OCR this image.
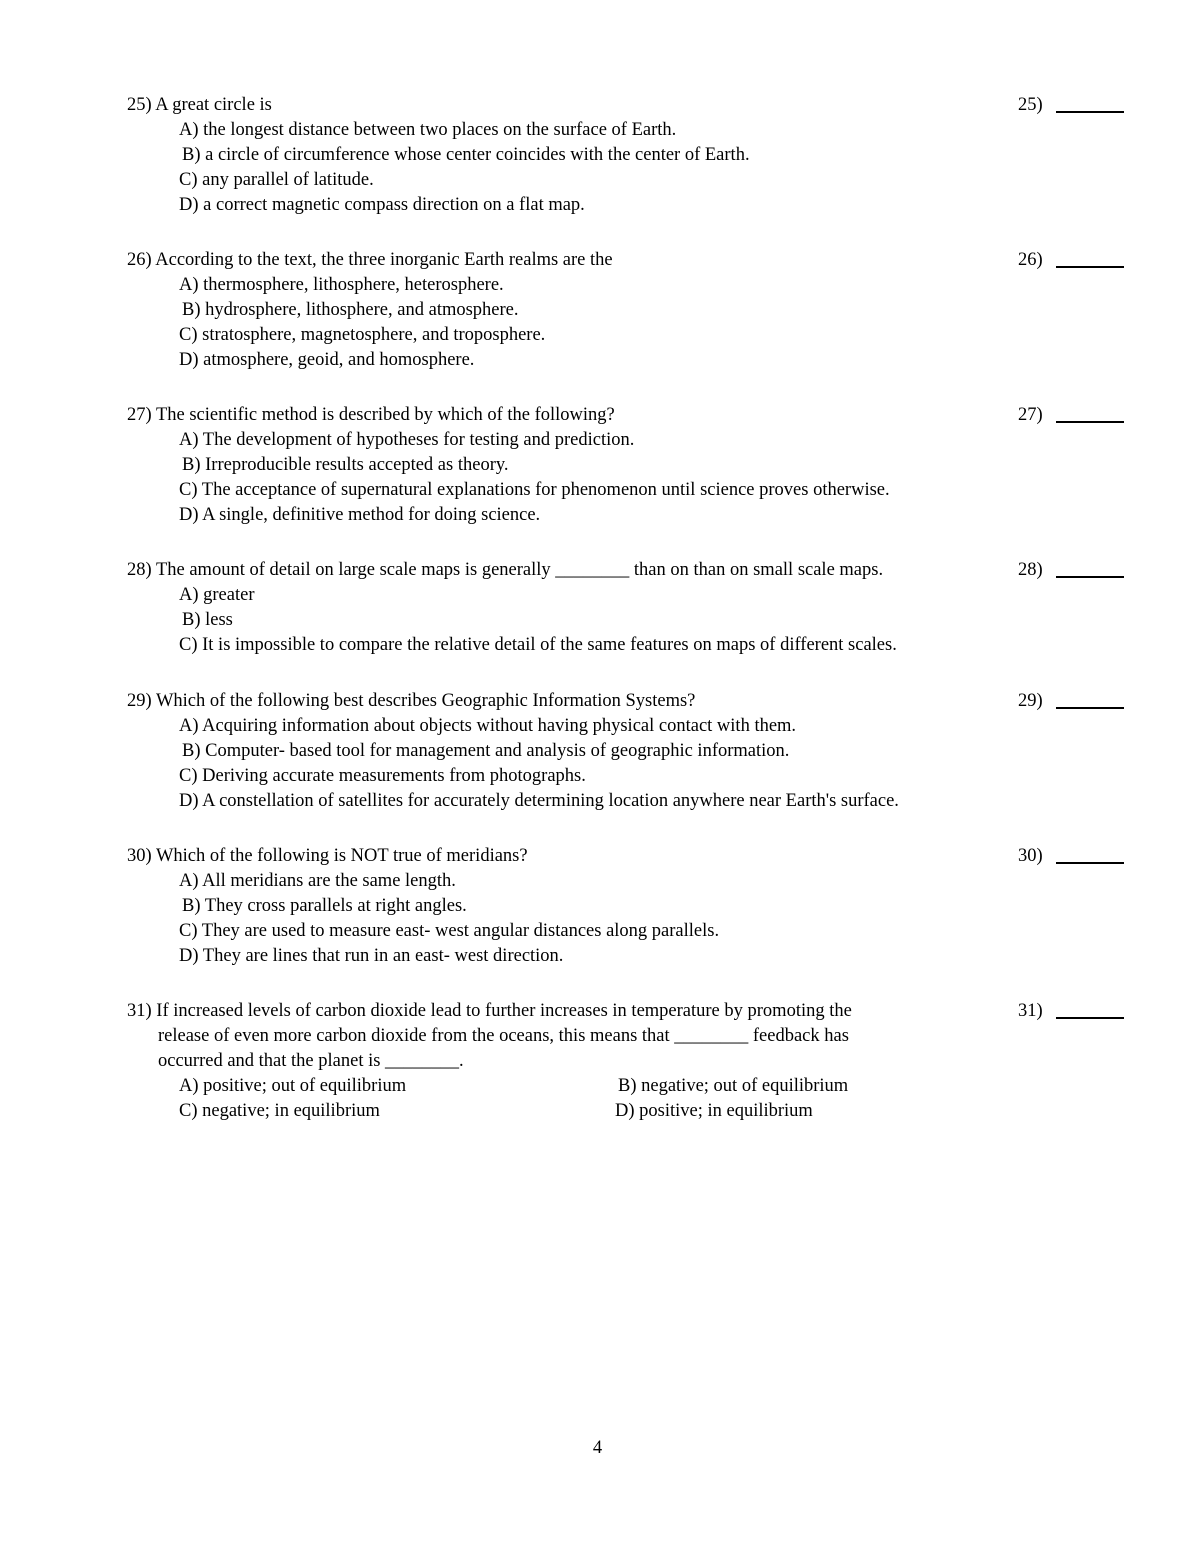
25) A great circle is	25)
A) the longest distance between two places on the surface of Earth.
B) a circle of circumference whose center coincides with the center of Earth.
C) any parallel of latitude.
D) a correct magnetic compass direction on a flat map.
26) According to the text, the three inorganic Earth realms are the	26)
A) thermosphere, lithosphere, heterosphere.
B) hydrosphere, lithosphere, and atmosphere.
C) stratosphere, magnetosphere, and troposphere.
D) atmosphere, geoid, and homosphere.
27) The scientific method is described by which of the following?	27)
A) The development of hypotheses for testing and prediction.
B) Irreproducible results accepted as theory.
C) The acceptance of supernatural explanations for phenomenon until science proves otherwise.
D) A single, definitive method for doing science.
28) The amount of detail on large scale maps is generally ________ than on than on small scale maps.	28)
A) greater
B) less
C) It is impossible to compare the relative detail of the same features on maps of different scales.
29) Which of the following best describes Geographic Information Systems?	29)
A) Acquiring information about objects without having physical contact with them.
B) Computer- based tool for management and analysis of geographic information.
C) Deriving accurate measurements from photographs.
D) A constellation of satellites for accurately determining location anywhere near Earth's surface.
30) Which of the following is NOT true of meridians?	30)
A) All meridians are the same length.
B) They cross parallels at right angles.
C) They are used to measure east- west angular distances along parallels.
D) They are lines that run in an east- west direction.
31) If increased levels of carbon dioxide lead to further increases in temperature by promoting the	31)
release of even more carbon dioxide from the oceans, this means that ________ feedback has
occurred and that the planet is ________.
A) positive; out of equilibrium	B) negative; out of equilibrium
C) negative; in equilibrium	D) positive; in equilibrium
4
